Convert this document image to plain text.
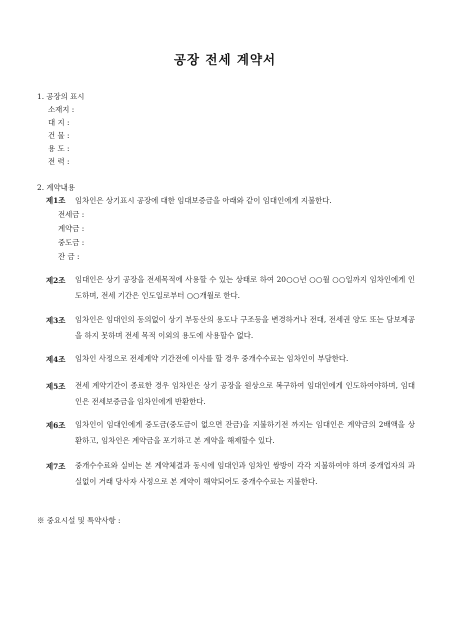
공장 전세 계약서
1. 공장의 표시
소재지 :
대 지 :
건 물 :
용 도 :
전 력 :
2. 계약내용
제1조 임차인은 상기표시 공장에 대한 임대보증금을 아래와 같이 임대인에게 지불한다.
전세금 :
계약금 :
중도금 :
잔 금 :
제2조 임대인은 상기 공장을 전세목적에 사용할 수 있는 상태로 하여 20○○년 ○○월 ○○일까지 임차인에게 인도하며, 전세 기간은 인도일로부터 ○○개월로 한다.
제3조 임차인은 임대인의 동의없이 상기 부동산의 용도나 구조등을 변경하거나 전대, 전세권 양도 또는 담보제공을 하지 못하며 전세 목적 이외의 용도에 사용할수 없다.
제4조 임차인 사정으로 전세계약 기간전에 이사를 할 경우 중개수수료는 임차인이 부담한다.
제5조 전세 계약기간이 종료한 경우 임차인은 상기 공장을 원상으로 복구하여 임대인에게 인도하여야하며, 임대인은 전세보증금을 임차인에게 반환한다.
제6조 임차인이 임대인에게 중도금(중도금이 없으면 잔금)을 지불하기전 까지는 임대인은 계약금의 2배액을 상환하고, 임차인은 계약금을 포기하고 본 계약을 해제할수 있다.
제7조 중개수수료와 실비는 본 계약체결과 동시에 임대인과 임차인 쌍방이 각각 지불하여야 하며 중개업자의 과실없이 거래 당사자 사정으로 본 계약이 해약되어도 중개수수료는 지불한다.
※ 중요시설 및 특약사항 :
